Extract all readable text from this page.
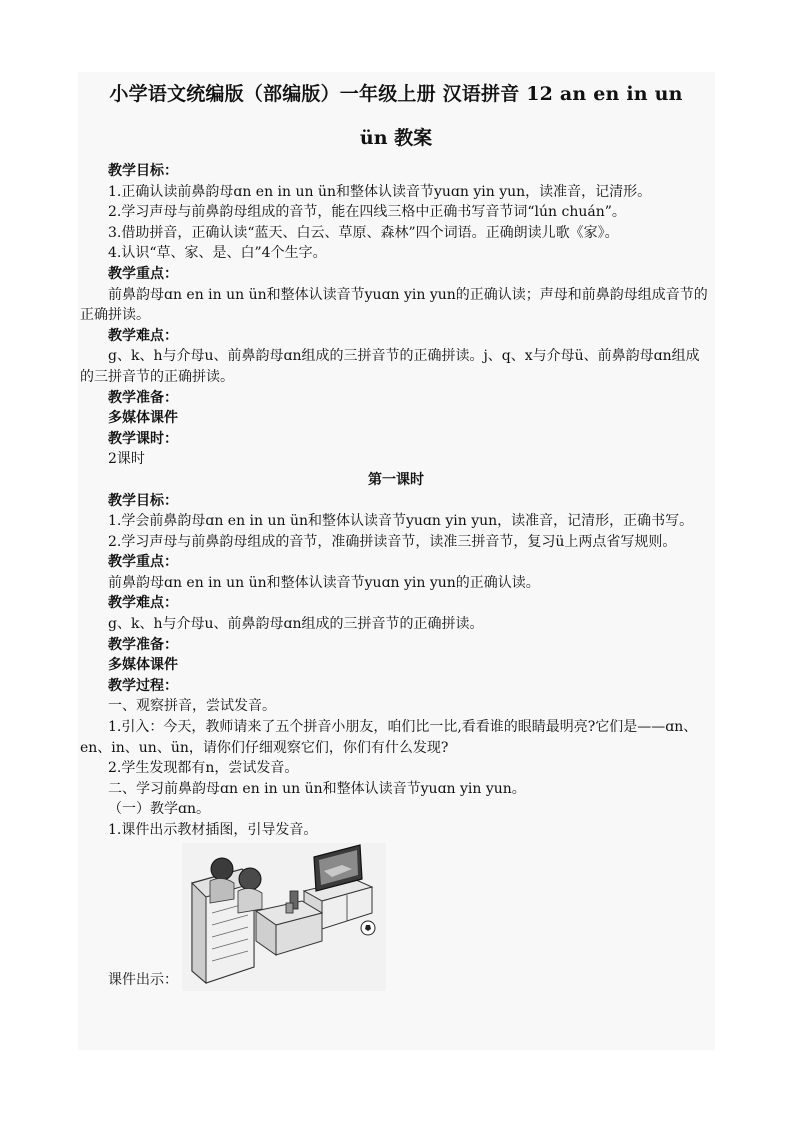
小学语文统编版（部编版）一年级上册 汉语拼音 12 an en in un
ün 教案
教学目标：
1.正确认读前鼻韵母ɑn en in un ün和整体认读音节yuɑn yin yun，读准音，记清形。
2.学习声母与前鼻韵母组成的音节，能在四线三格中正确书写音节词“lún chuán”。
3.借助拼音，正确认读“蓝天、白云、草原、森林”四个词语。正确朗读儿歌《家》。
4.认识“草、家、是、白”4个生字。
教学重点：
前鼻韵母ɑn en in un ün和整体认读音节yuɑn yin yun的正确认读；声母和前鼻韵母组成音节的正确拼读。
教学难点：
g、k、h与介母u、前鼻韵母ɑn组成的三拼音节的正确拼读。j、q、x与介母ü、前鼻韵母ɑn组成的三拼音节的正确拼读。
教学准备：
多媒体课件
教学课时：
2课时
第一课时
教学目标：
1.学会前鼻韵母ɑn en in un ün和整体认读音节yuɑn yin yun，读准音，记清形，正确书写。
2.学习声母与前鼻韵母组成的音节，准确拼读音节，读准三拼音节，复习ü上两点省写规则。
教学重点：
前鼻韵母ɑn en in un ün和整体认读音节yuɑn yin yun的正确认读。
教学难点：
g、k、h与介母u、前鼻韵母ɑn组成的三拼音节的正确拼读。
教学准备：
多媒体课件
教学过程：
一、观察拼音，尝试发音。
1.引入：今天，教师请来了五个拼音小朋友，咱们比一比,看看谁的眼睛最明亮?它们是——ɑn、en、in、un、ün，请你们仔细观察它们，你们有什么发现?
2.学生发现都有n，尝试发音。
二、学习前鼻韵母ɑn en in un ün和整体认读音节yuɑn yin yun。
（一）教学ɑn。
1.课件出示教材插图，引导发音。
课件出示：
